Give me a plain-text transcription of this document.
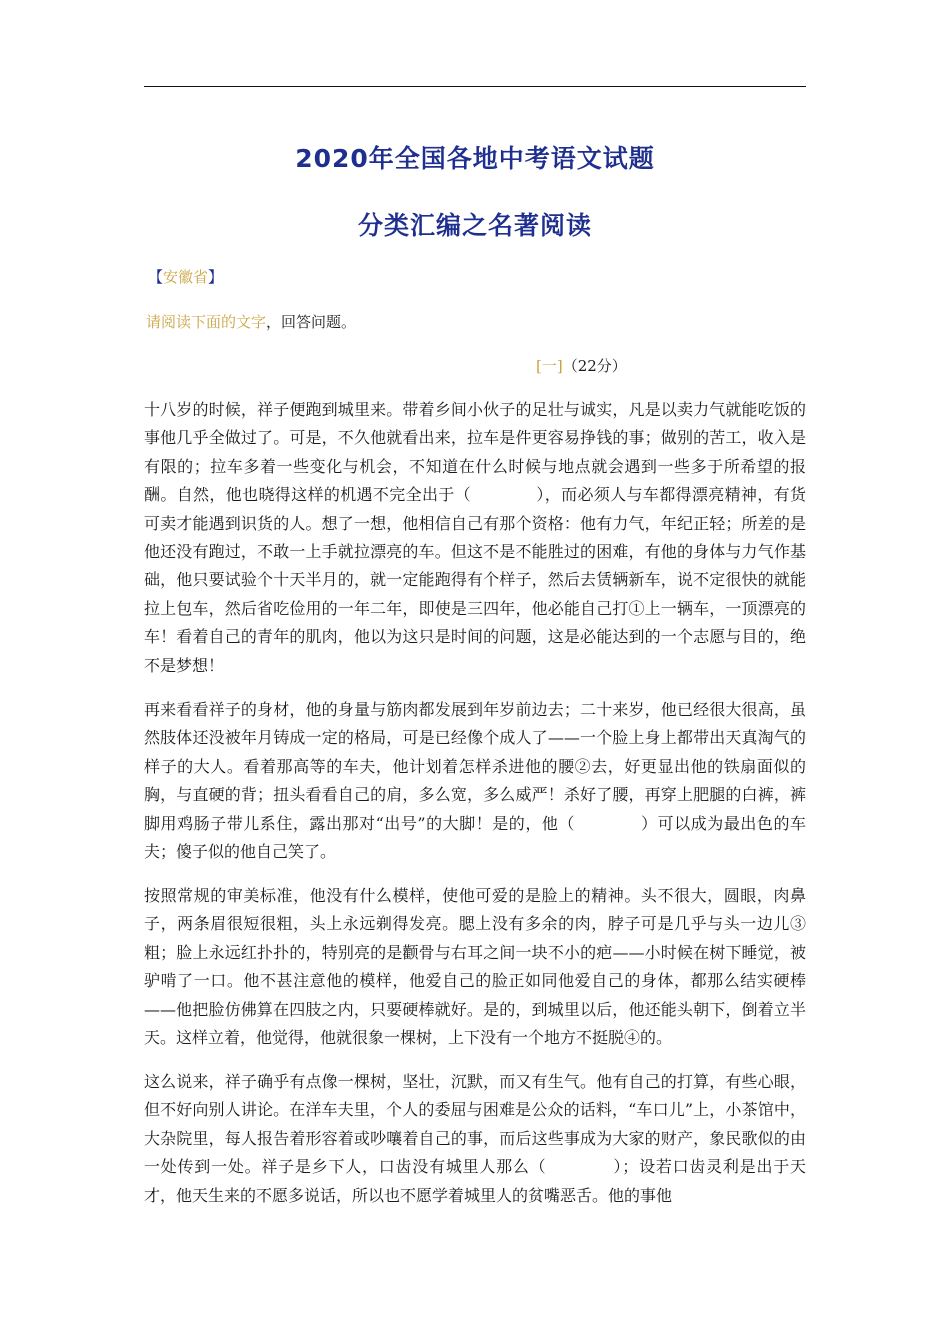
2020年全国各地中考语文试题
分类汇编之名著阅读
【安徽省】
请阅读下面的文字，回答问题。
[一]（22分）
十八岁的时候，祥子便跑到城里来。带着乡间小伙子的足壮与诚实，凡是以卖力气就能吃饭的事他几乎全做过了。可是，不久他就看出来，拉车是件更容易挣钱的事；做别的苦工，收入是有限的；拉车多着一些变化与机会，不知道在什么时候与地点就会遇到一些多于所希望的报酬。自然，他也晓得这样的机遇不完全出于（　　　　），而必须人与车都得漂亮精神，有货可卖才能遇到识货的人。想了一想，他相信自己有那个资格：他有力气，年纪正轻；所差的是他还没有跑过，不敢一上手就拉漂亮的车。但这不是不能胜过的困难，有他的身体与力气作基础，他只要试验个十天半月的，就一定能跑得有个样子，然后去赁辆新车，说不定很快的就能拉上包车，然后省吃俭用的一年二年，即使是三四年，他必能自己打①上一辆车，一顶漂亮的车！看着自己的青年的肌肉，他以为这只是时间的问题，这是必能达到的一个志愿与目的，绝不是梦想！
再来看看祥子的身材，他的身量与筋肉都发展到年岁前边去；二十来岁，他已经很大很高，虽然肢体还没被年月铸成一定的格局，可是已经像个成人了——一个脸上身上都带出天真淘气的样子的大人。看着那高等的车夫，他计划着怎样杀进他的腰②去，好更显出他的铁扇面似的胸，与直硬的背；扭头看看自己的肩，多么宽，多么威严！杀好了腰，再穿上肥腿的白裤，裤脚用鸡肠子带儿系住，露出那对“出号”的大脚！是的，他（　　　　）可以成为最出色的车夫；傻子似的他自己笑了。
按照常规的审美标准，他没有什么模样，使他可爱的是脸上的精神。头不很大，圆眼，肉鼻子，两条眉很短很粗，头上永远剃得发亮。腮上没有多余的肉，脖子可是几乎与头一边儿③粗；脸上永远红扑扑的，特别亮的是颧骨与右耳之间一块不小的疤——小时候在树下睡觉，被驴啃了一口。他不甚注意他的模样，他爱自己的脸正如同他爱自己的身体，都那么结实硬棒——他把脸仿佛算在四肢之内，只要硬棒就好。是的，到城里以后，他还能头朝下，倒着立半天。这样立着，他觉得，他就很象一棵树，上下没有一个地方不挺脱④的。
这么说来，祥子确乎有点像一棵树，坚壮，沉默，而又有生气。他有自己的打算，有些心眼，但不好向别人讲论。在洋车夫里，个人的委屈与困难是公众的话料，“车口儿”上，小茶馆中，大杂院里，每人报告着形容着或吵嚷着自己的事，而后这些事成为大家的财产，象民歌似的由一处传到一处。祥子是乡下人，口齿没有城里人那么（　　　　）；设若口齿灵利是出于天才，他天生来的不愿多说话，所以也不愿学着城里人的贫嘴恶舌。他的事他
